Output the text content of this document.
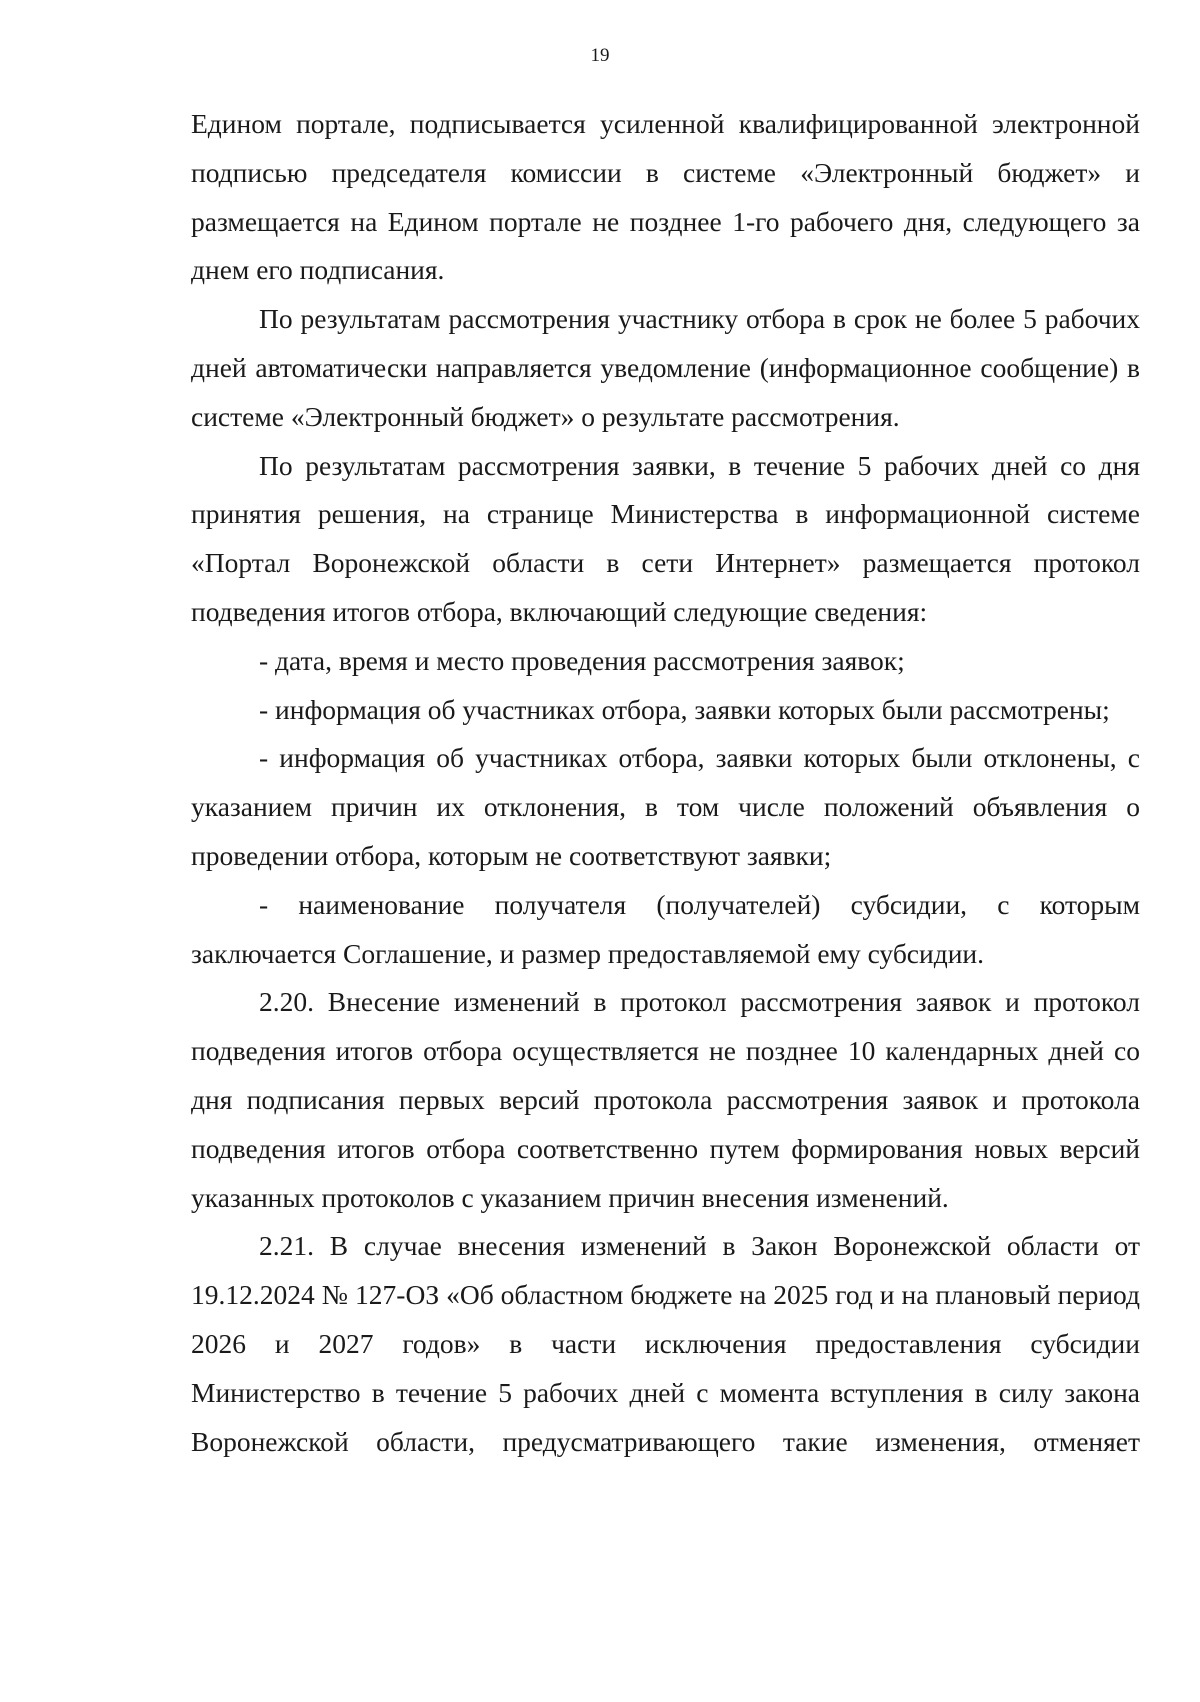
19

Едином портале, подписывается усиленной квалифицированной электронной подписью председателя комиссии в системе «Электронный бюджет» и размещается на Едином портале не позднее 1-го рабочего дня, следующего за днем его подписания.

По результатам рассмотрения участнику отбора в срок не более 5 рабочих дней автоматически направляется уведомление (информационное сообщение) в системе «Электронный бюджет» о результате рассмотрения.

По результатам рассмотрения заявки, в течение 5 рабочих дней со дня принятия решения, на странице Министерства в информационной системе «Портал Воронежской области в сети Интернет» размещается протокол подведения итогов отбора, включающий следующие сведения:

- дата, время и место проведения рассмотрения заявок;

- информация об участниках отбора, заявки которых были рассмотрены;

- информация об участниках отбора, заявки которых были отклонены, с указанием причин их отклонения, в том числе положений объявления о проведении отбора, которым не соответствуют заявки;

- наименование получателя (получателей) субсидии, с которым заключается Соглашение, и размер предоставляемой ему субсидии.

2.20. Внесение изменений в протокол рассмотрения заявок и протокол подведения итогов отбора осуществляется не позднее 10 календарных дней со дня подписания первых версий протокола рассмотрения заявок и протокола подведения итогов отбора соответственно путем формирования новых версий указанных протоколов с указанием причин внесения изменений.

2.21. В случае внесения изменений в Закон Воронежской области от 19.12.2024 № 127-ОЗ «Об областном бюджете на 2025 год и на плановый период 2026 и 2027 годов» в части исключения предоставления субсидии Министерство в течение 5 рабочих дней с момента вступления в силу закона Воронежской области, предусматривающего такие изменения, отменяет
